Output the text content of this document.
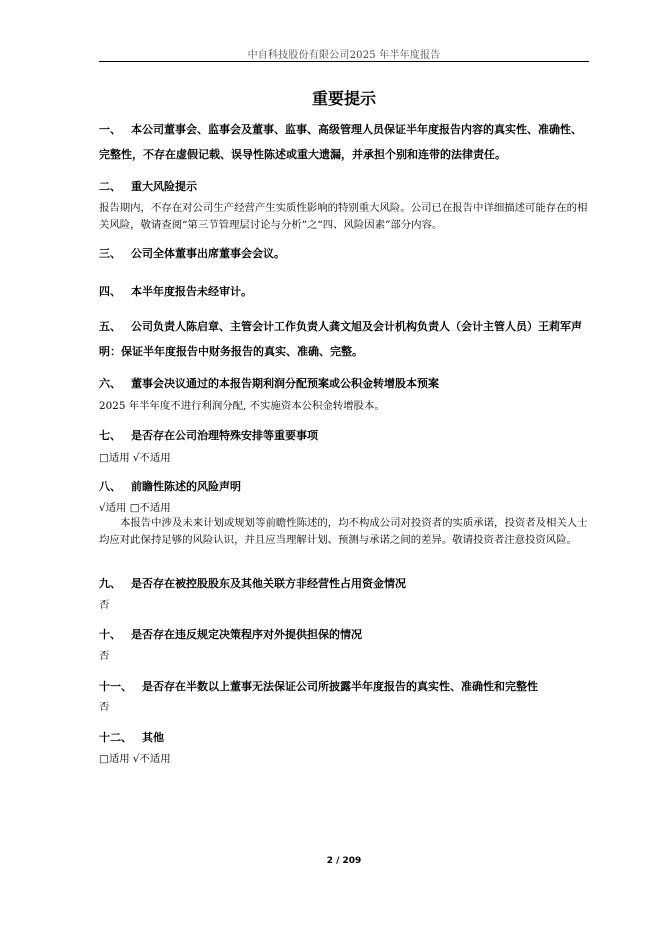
中自科技股份有限公司2025 年半年度报告
重要提示
一、 本公司董事会、监事会及董事、监事、高级管理人员保证半年度报告内容的真实性、准确性、完整性，不存在虚假记载、误导性陈述或重大遗漏，并承担个别和连带的法律责任。
二、 重大风险提示
报告期内，不存在对公司生产经营产生实质性影响的特别重大风险。公司已在报告中详细描述可能存在的相关风险，敬请查阅“第三节管理层讨论与分析”之“四、风险因素”部分内容。
三、 公司全体董事出席董事会会议。
四、 本半年度报告未经审计。
五、 公司负责人陈启章、主管会计工作负责人龚文旭及会计机构负责人（会计主管人员）王莉军声明：保证半年度报告中财务报告的真实、准确、完整。
六、 董事会决议通过的本报告期利润分配预案或公积金转增股本预案
2025 年半年度不进行利润分配, 不实施资本公积金转增股本。
七、 是否存在公司治理特殊安排等重要事项
□适用 √不适用
八、 前瞻性陈述的风险声明
√适用 □不适用
本报告中涉及未来计划或规划等前瞻性陈述的，均不构成公司对投资者的实质承诺，投资者及相关人士均应对此保持足够的风险认识，并且应当理解计划、预测与承诺之间的差异。敬请投资者注意投资风险。
九、 是否存在被控股股东及其他关联方非经营性占用资金情况
否
十、 是否存在违反规定决策程序对外提供担保的情况
否
十一、 是否存在半数以上董事无法保证公司所披露半年度报告的真实性、准确性和完整性
否
十二、 其他
□适用 √不适用
2 / 209
